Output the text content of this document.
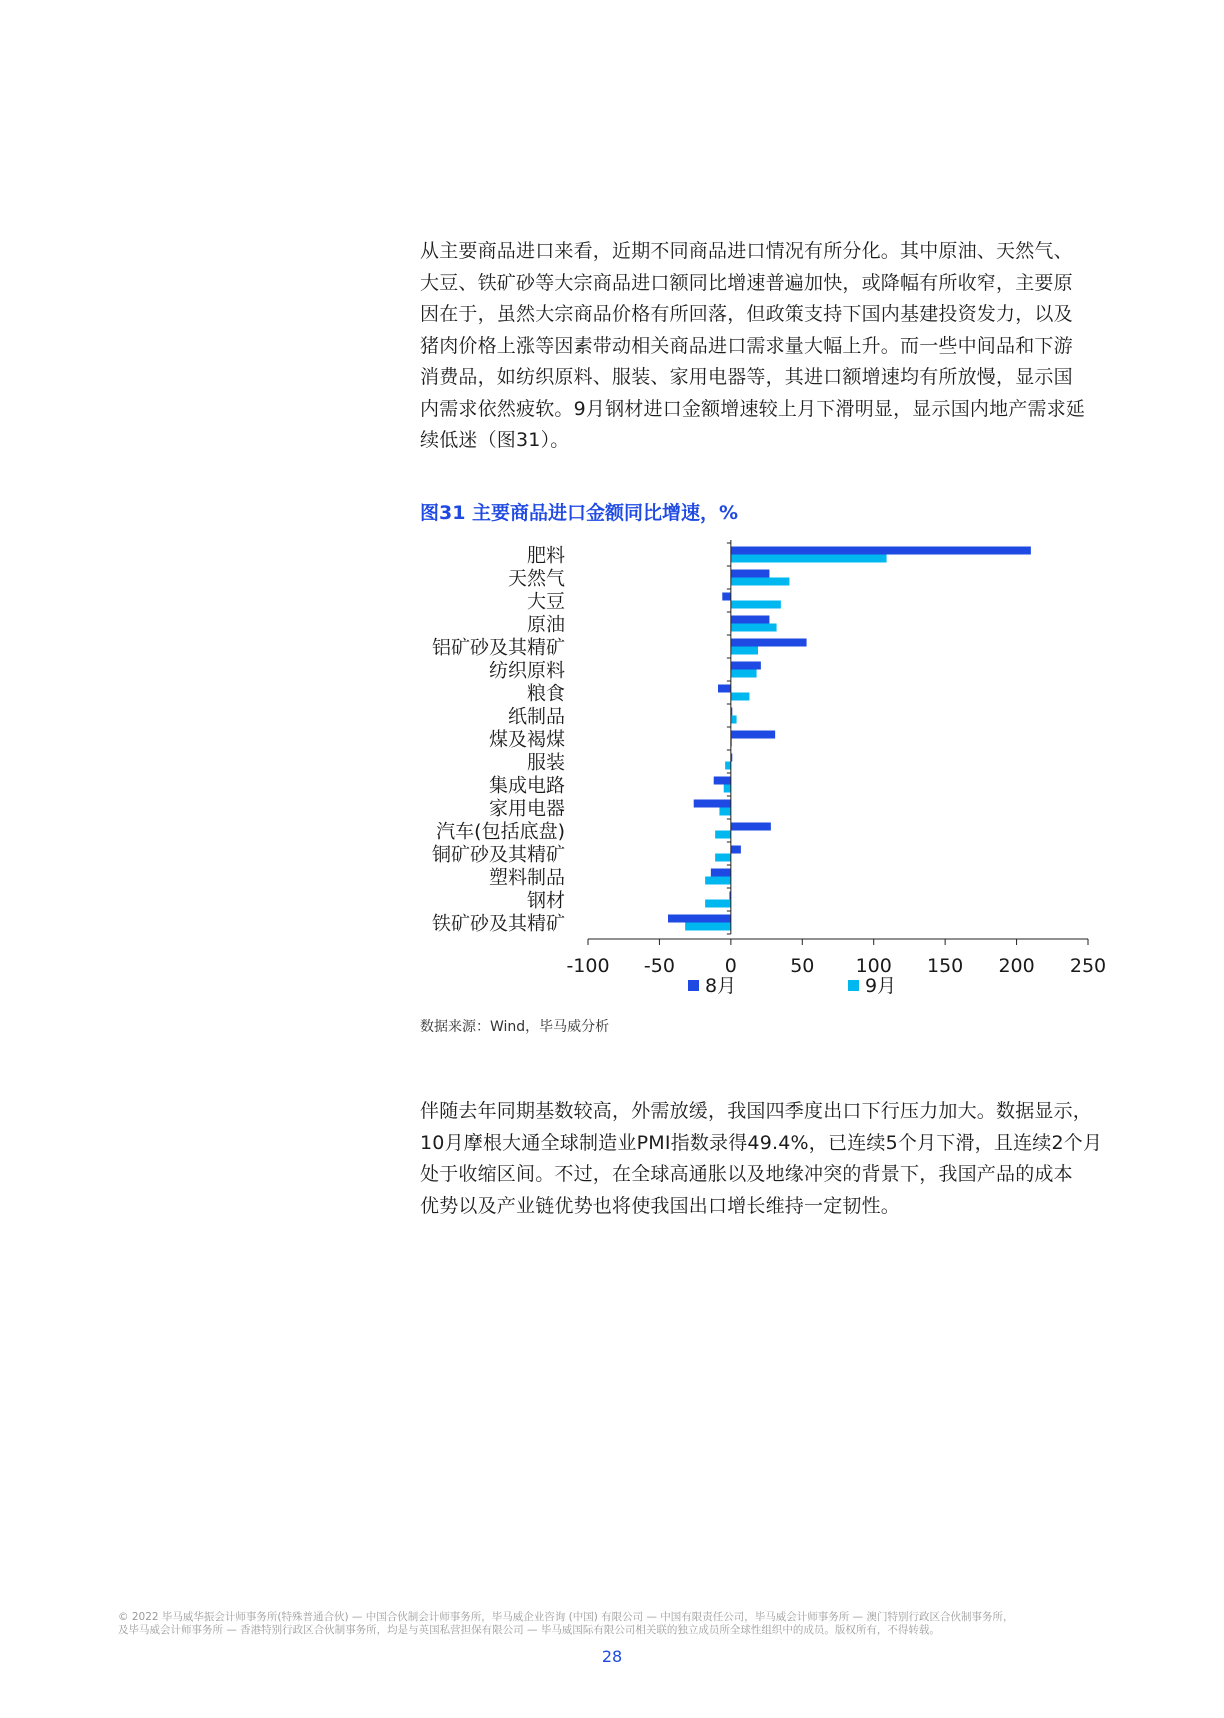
从主要商品进口来看，近期不同商品进口情况有所分化。其中原油、天然气、
大豆、铁矿砂等大宗商品进口额同比增速普遍加快，或降幅有所收窄，主要原
因在于，虽然大宗商品价格有所回落，但政策支持下国内基建投资发力，以及
猪肉价格上涨等因素带动相关商品进口需求量大幅上升。而一些中间品和下游
消费品，如纺织原料、服装、家用电器等，其进口额增速均有所放慢，显示国
内需求依然疲软。9月钢材进口金额增速较上月下滑明显，显示国内地产需求延
续低迷（图31）。
图31 主要商品进口金额同比增速，%
肥料
天然气
大豆
原油
铝矿砂及其精矿
纺织原料
粮食
纸制品
煤及褐煤
服装
集成电路
家用电器
汽车(包括底盘)
铜矿砂及其精矿
塑料制品
钢材
铁矿砂及其精矿
-100 -50	0	50 100 150 200 250
8月	9月
数据来源：Wind，毕马威分析
伴随去年同期基数较高，外需放缓，我国四季度出口下行压力加大。数据显示，
10月摩根大通全球制造业PMI指数录得49.4%，已连续5个月下滑，且连续2个月
处于收缩区间。不过，在全球高通胀以及地缘冲突的背景下，我国产品的成本
优势以及产业链优势也将使我国出口增长维持一定韧性。
© 2022 毕马威华振会计师事务所(特殊普通合伙) — 中国合伙制会计师事务所，毕马威企业咨询 (中国) 有限公司 — 中国有限责任公司，毕马威会计师事务所 — 澳门特别行政区合伙制事务所，
及毕马威会计师事务所 — 香港特别行政区合伙制事务所，均是与英国私营担保有限公司 — 毕马威国际有限公司相关联的独立成员所全球性组织中的成员。版权所有，不得转载。
28
